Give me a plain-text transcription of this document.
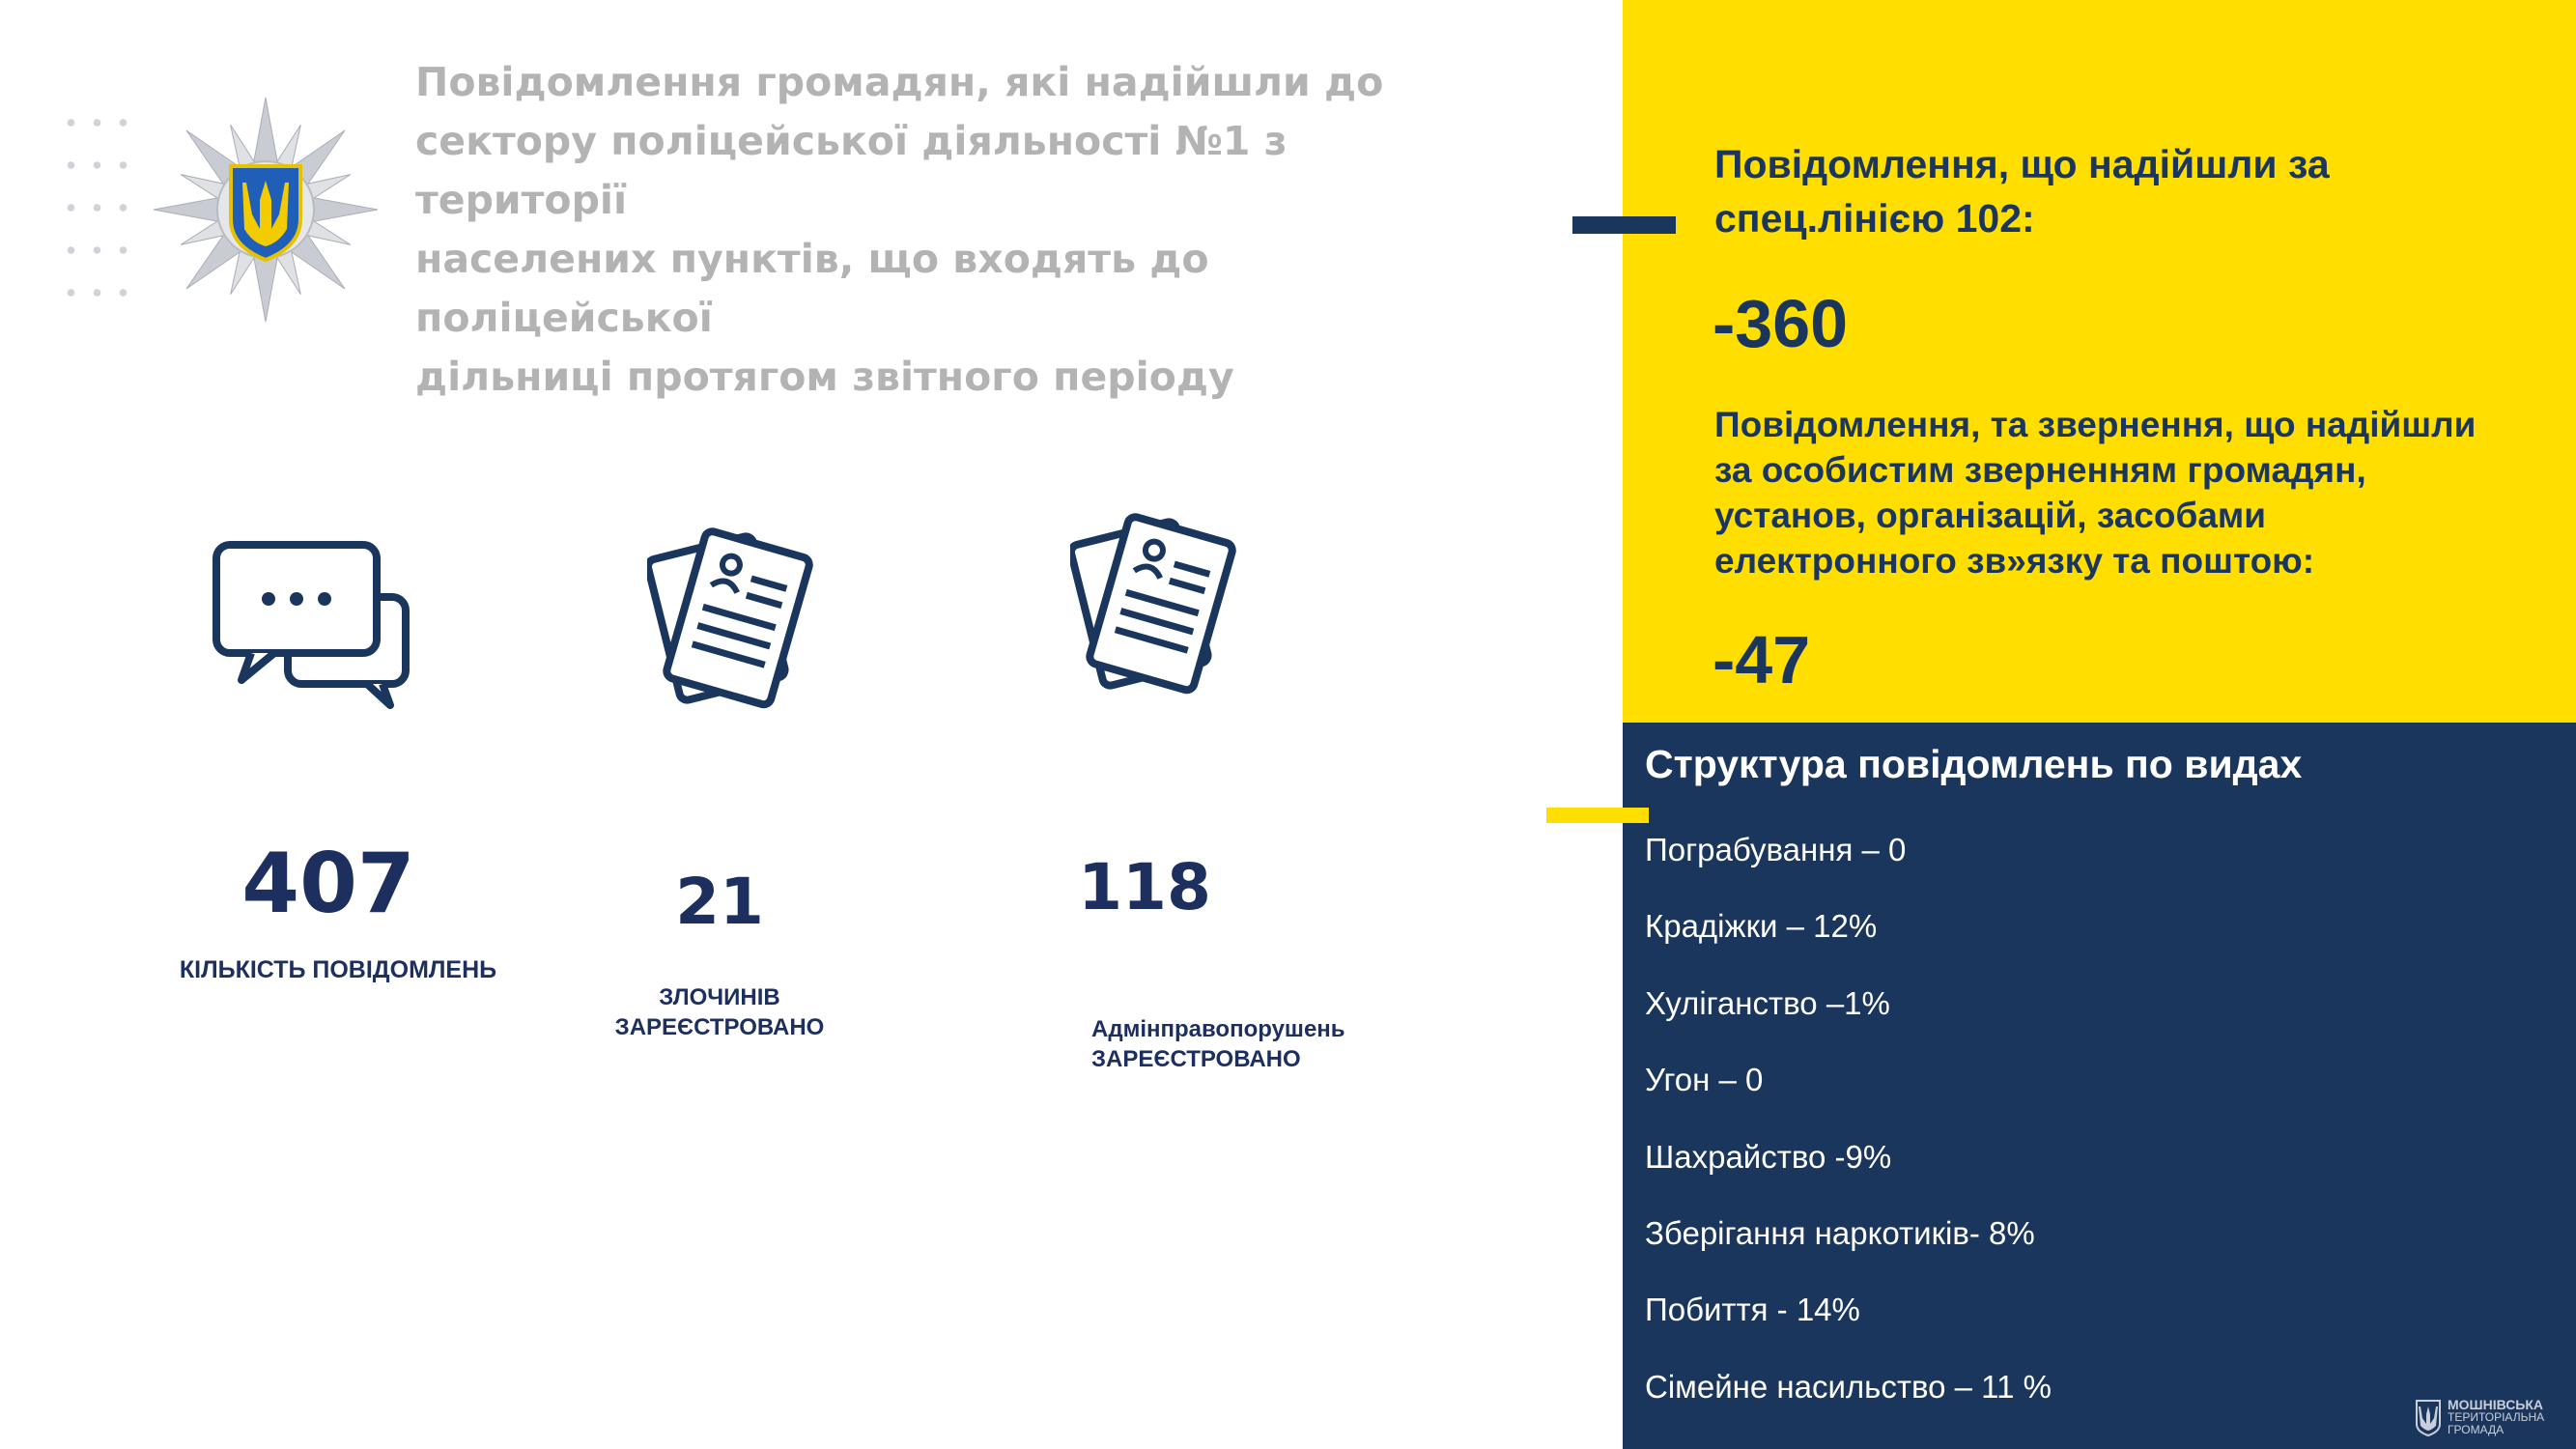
Повідомлення громадян, які надійшли до
сектору поліцейської діяльності №1 з території
населених пунктів, що входять до поліцейської
дільниці протягом звітного періоду
407
КІЛЬКІСТЬ ПОВІДОМЛЕНЬ
21
ЗЛОЧИНІВ
ЗАРЕЄСТРОВАНО
118
Адмінправопорушень
ЗАРЕЄСТРОВАНО
Повідомлення, що надійшли за
спец.лінією 102:
-360
Повідомлення, та звернення, що надійшли
за особистим зверненням громадян,
установ, організацій, засобами
електронного зв»язку та поштою:
-47
Структура повідомлень по видах
Пограбування – 0
Крадіжки – 12%
Хуліганство –1%
Угон – 0
Шахрайство -9%
Зберігання наркотиків- 8%
Побиття - 14%
Сімейне насильство – 11 %
МОШНІВСЬКА
ТЕРИТОРІАЛЬНА
ГРОМАДА
